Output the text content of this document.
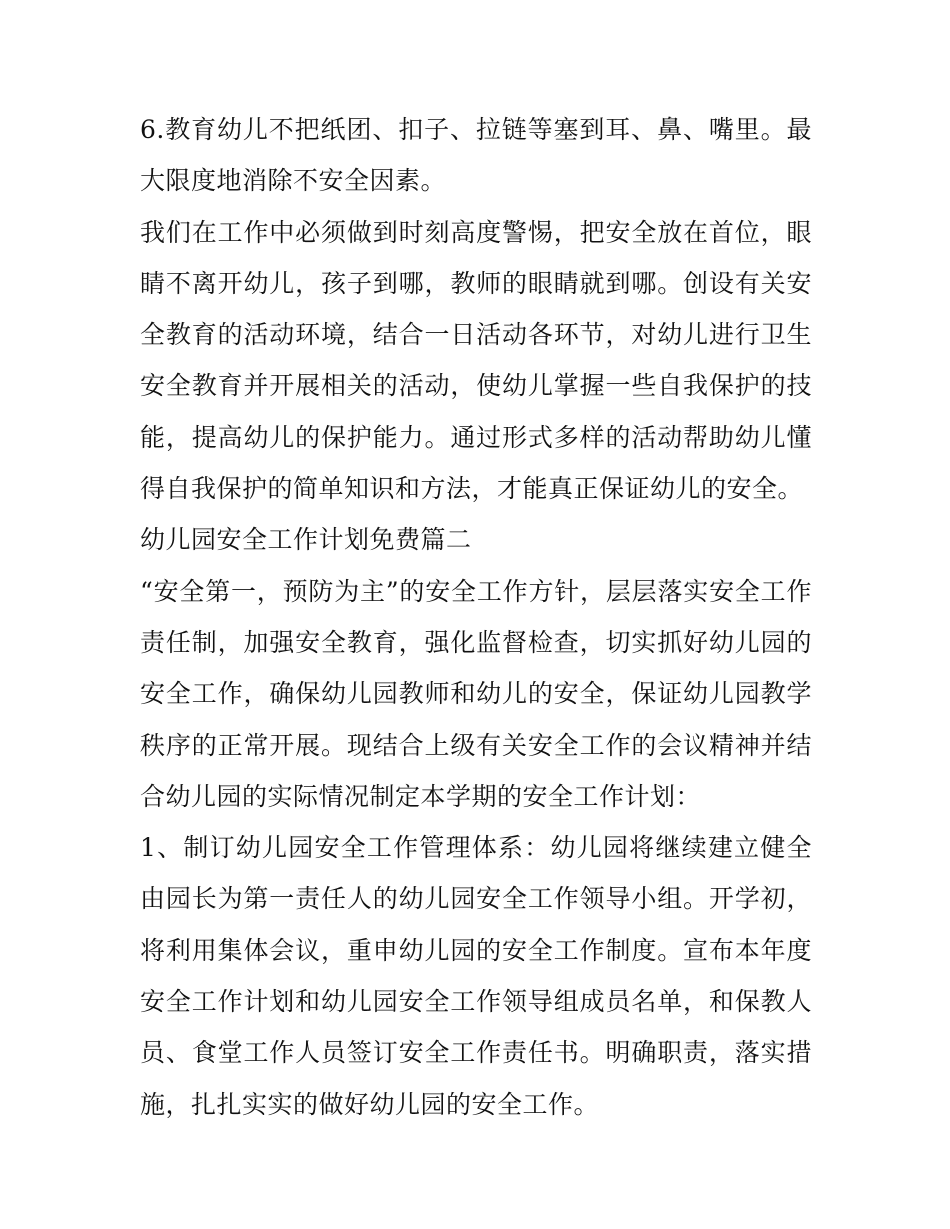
6.教育幼儿不把纸团、扣子、拉链等塞到耳、鼻、嘴里。最大限度地消除不安全因素。

我们在工作中必须做到时刻高度警惕，把安全放在首位，眼睛不离开幼儿，孩子到哪，教师的眼睛就到哪。创设有关安全教育的活动环境，结合一日活动各环节，对幼儿进行卫生安全教育并开展相关的活动，使幼儿掌握一些自我保护的技能，提高幼儿的保护能力。通过形式多样的活动帮助幼儿懂得自我保护的简单知识和方法，才能真正保证幼儿的安全。

幼儿园安全工作计划免费篇二

“安全第一，预防为主”的安全工作方针，层层落实安全工作责任制，加强安全教育，强化监督检查，切实抓好幼儿园的安全工作，确保幼儿园教师和幼儿的安全，保证幼儿园教学秩序的正常开展。现结合上级有关安全工作的会议精神并结合幼儿园的实际情况制定本学期的安全工作计划：

1、制订幼儿园安全工作管理体系：幼儿园将继续建立健全由园长为第一责任人的幼儿园安全工作领导小组。开学初，将利用集体会议，重申幼儿园的安全工作制度。宣布本年度安全工作计划和幼儿园安全工作领导组成员名单，和保教人员、食堂工作人员签订安全工作责任书。明确职责，落实措施，扎扎实实的做好幼儿园的安全工作。
